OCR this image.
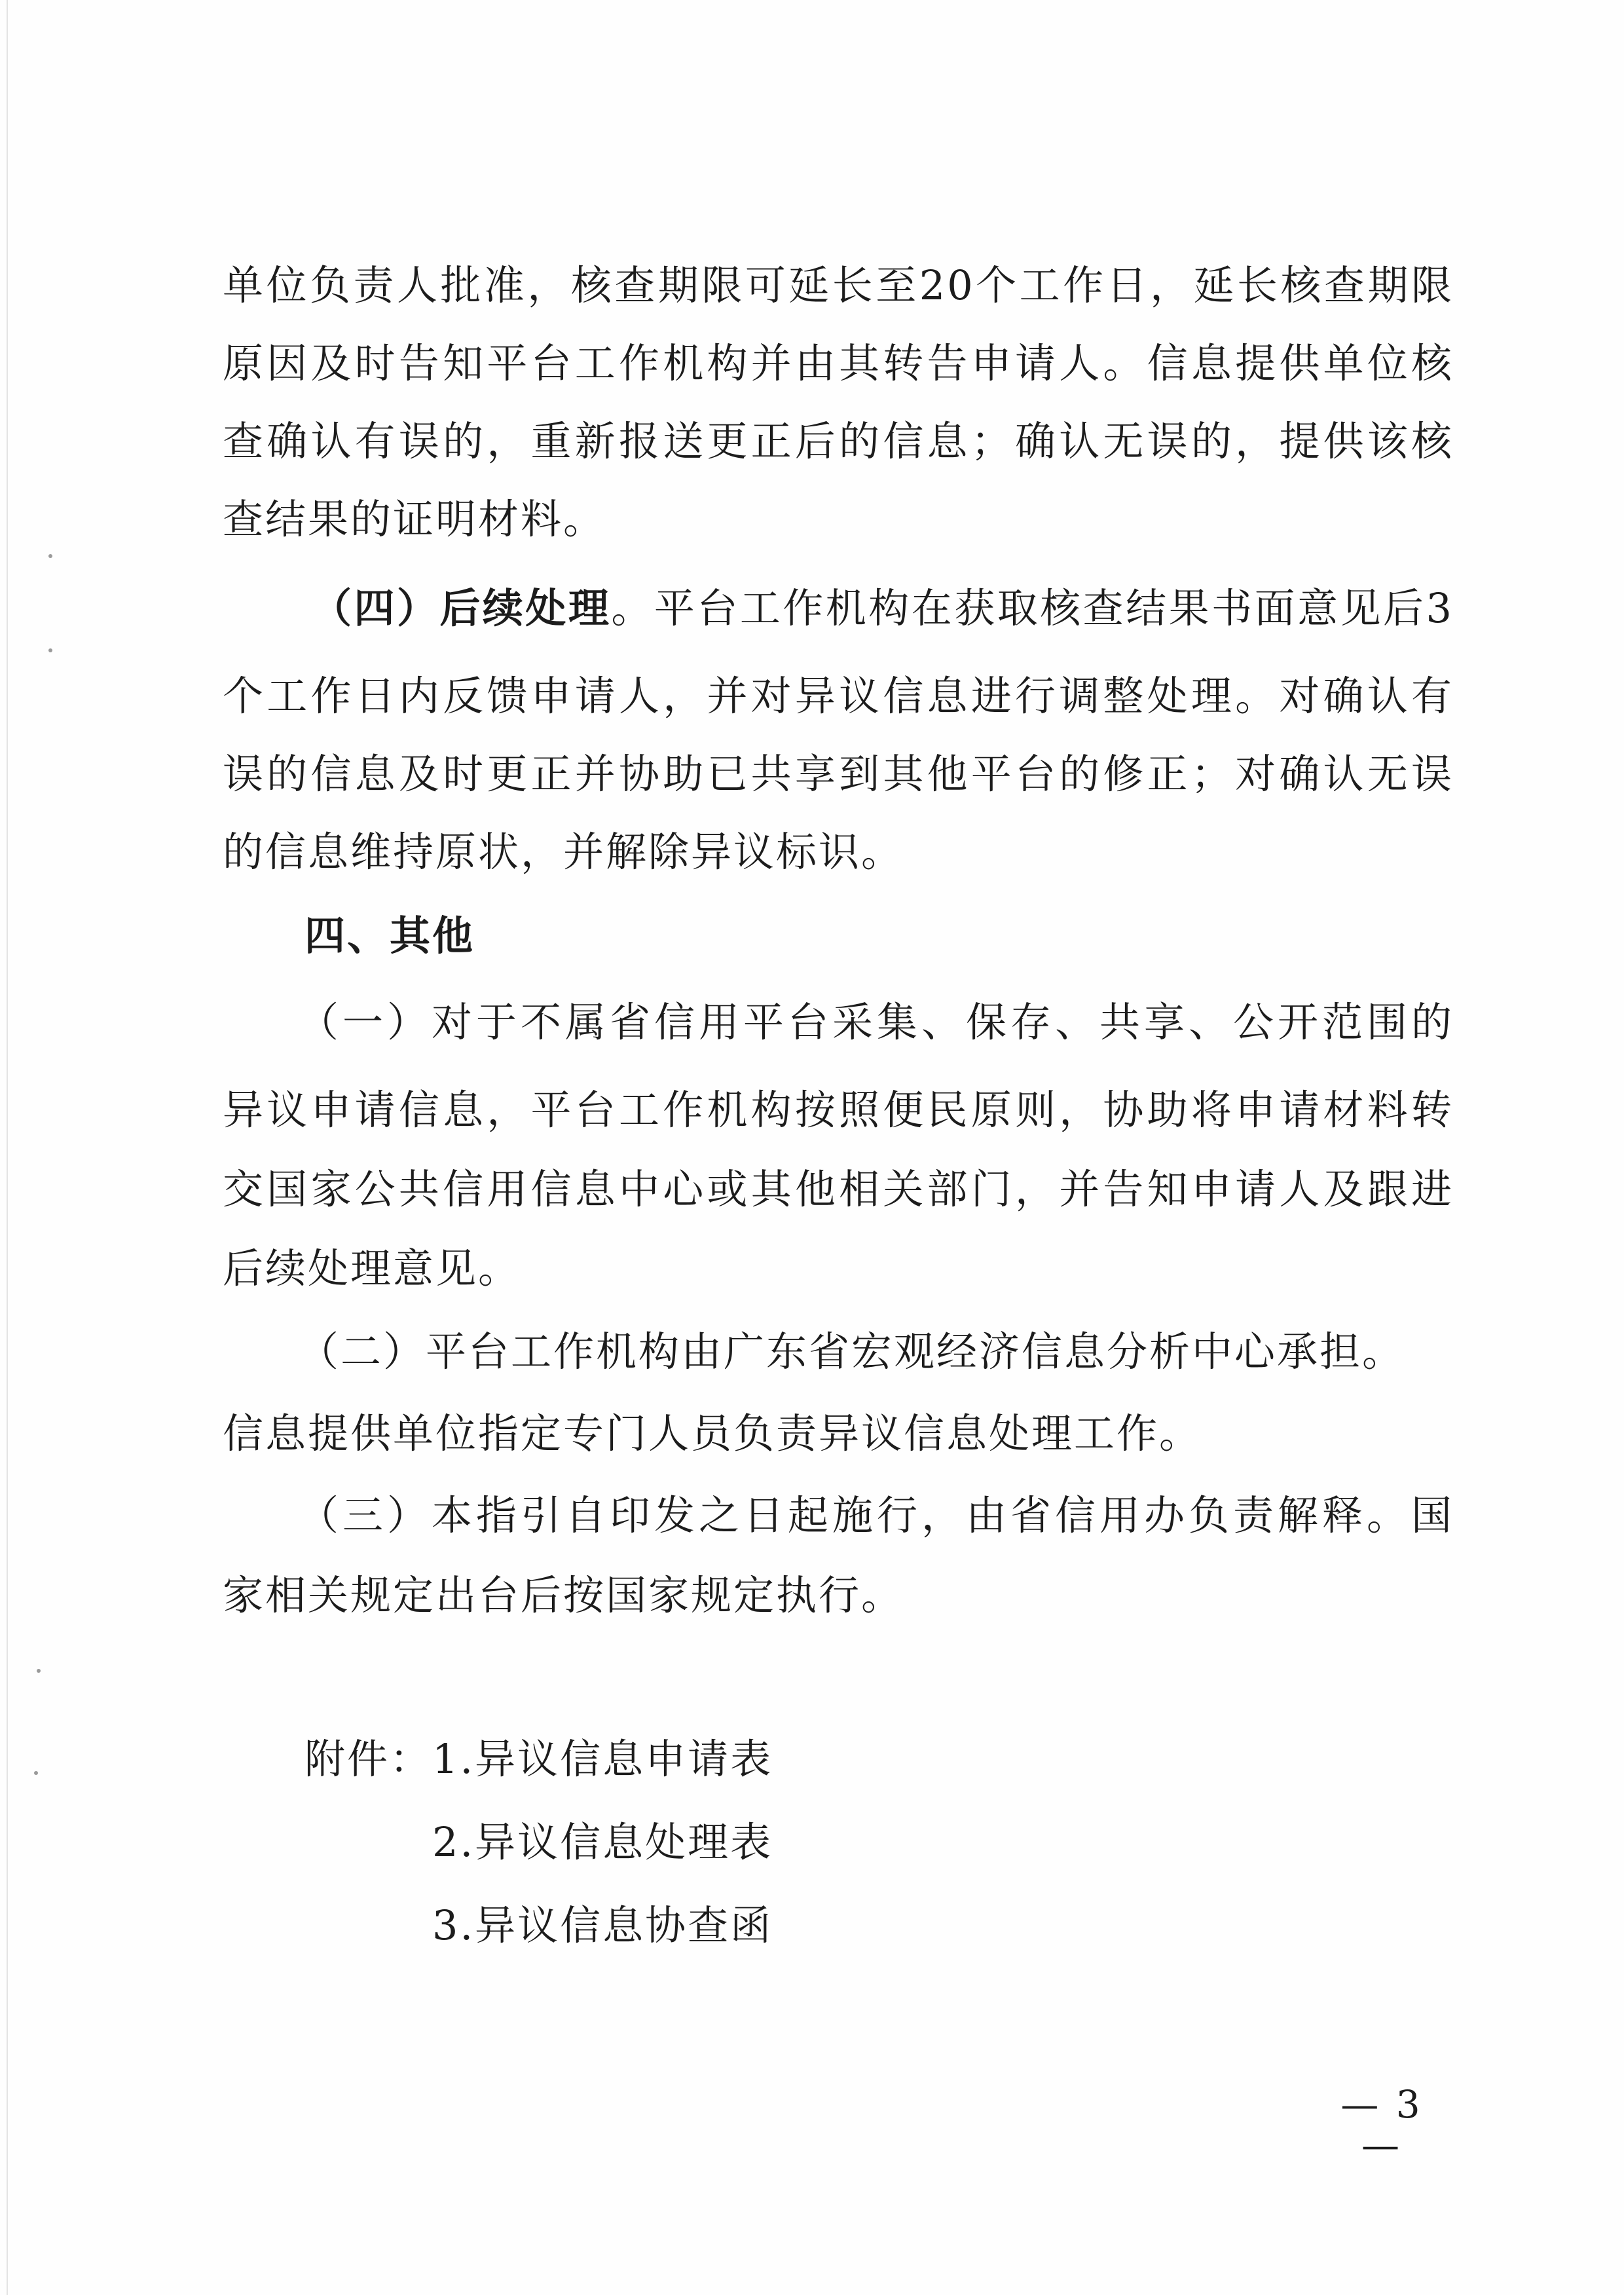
单位负责人批准，核查期限可延长至20个工作日，延长核查期限
原因及时告知平台工作机构并由其转告申请人。信息提供单位核
查确认有误的，重新报送更正后的信息；确认无误的，提供该核
查结果的证明材料。
（四）后续处理。平台工作机构在获取核查结果书面意见后3
个工作日内反馈申请人，并对异议信息进行调整处理。对确认有
误的信息及时更正并协助已共享到其他平台的修正；对确认无误
的信息维持原状，并解除异议标识。
四、其他
（一）对于不属省信用平台采集、保存、共享、公开范围的
异议申请信息，平台工作机构按照便民原则，协助将申请材料转
交国家公共信用信息中心或其他相关部门，并告知申请人及跟进
后续处理意见。
（二）平台工作机构由广东省宏观经济信息分析中心承担。
信息提供单位指定专门人员负责异议信息处理工作。
（三）本指引自印发之日起施行，由省信用办负责解释。国
家相关规定出台后按国家规定执行。
附件： 1.异议信息申请表
2.异议信息处理表
3.异议信息协查函
— 3 —
